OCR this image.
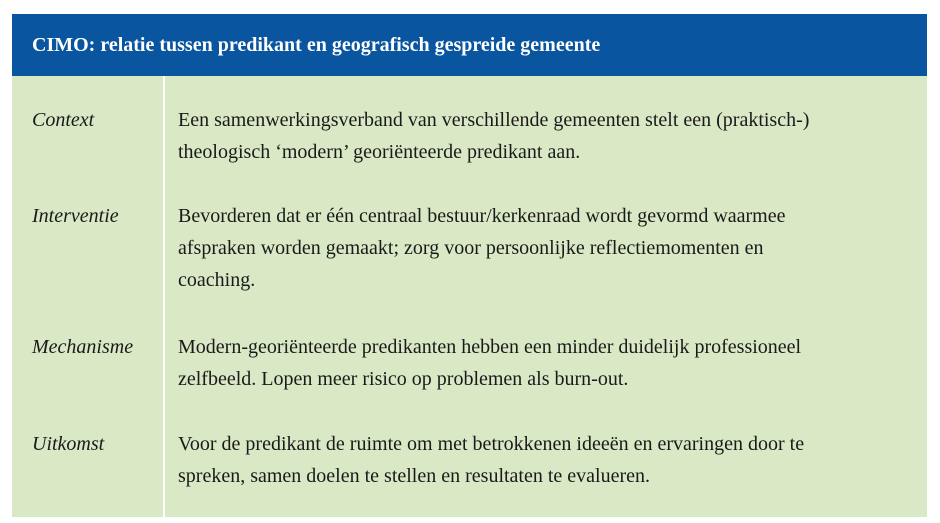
CIMO: relatie tussen predikant en geografisch gespreide gemeente
Context	Een samenwerkingsverband van verschillende gemeenten stelt een (praktisch-)
theologisch ‘modern’ georiënteerde predikant aan.
Interventie	Bevorderen dat er één centraal bestuur/kerkenraad wordt gevormd waarmee
afspraken worden gemaakt; zorg voor persoonlijke reflectiemomenten en
coaching.
Mechanisme Modern-georiënteerde predikanten hebben een minder duidelijk professioneel
zelfbeeld. Lopen meer risico op problemen als burn-out.
Uitkomst	Voor de predikant de ruimte om met betrokkenen ideeën en ervaringen door te
spreken, samen doelen te stellen en resultaten te evalueren.
